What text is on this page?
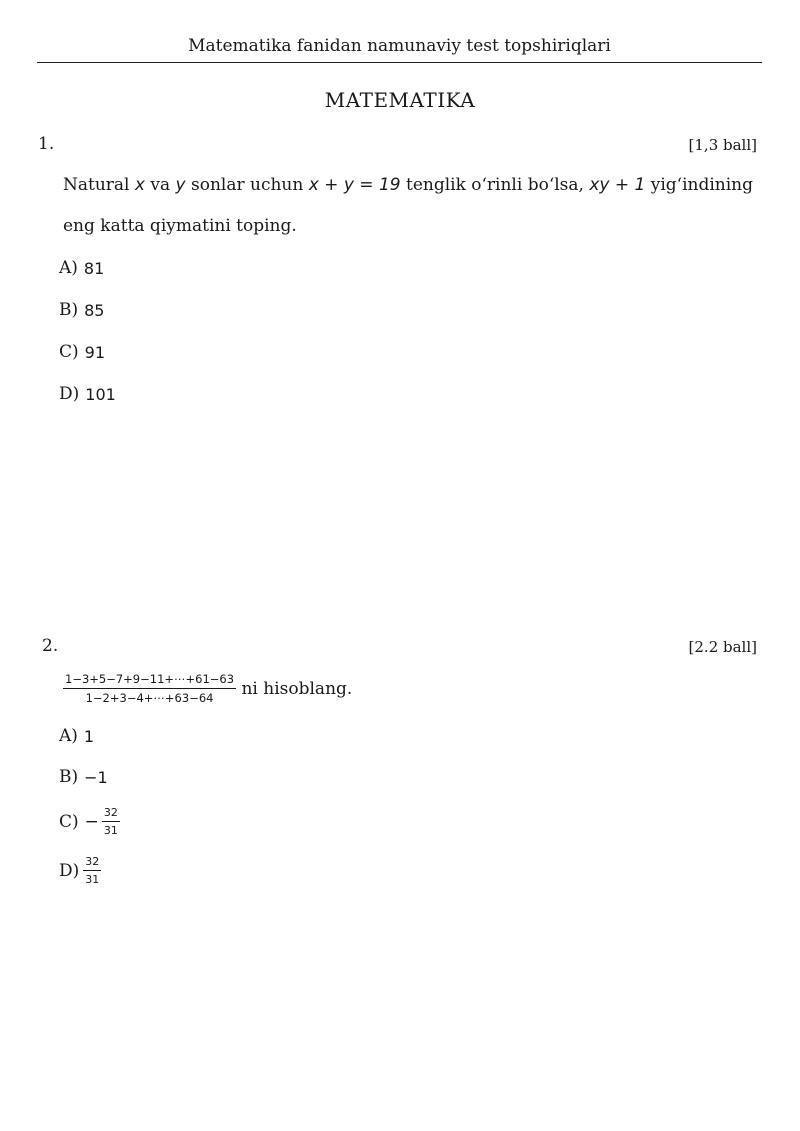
Matematika fanidan namunaviy test topshiriqlari
MATEMATIKA
1.	[1,3 ball]
Natural x va y sonlar uchun x + y = 19 tenglik o‘rinli bo‘lsa, xy + 1 yig‘indining
eng katta qiymatini toping.
A) 81
B) 85
C) 91
D) 101
2.	[2.2 ball]
$\frac{1-3+5-7+9-11+\cdots+61-63}{1-2+3-4+\cdots+63-64}$ ni hisoblang.
A) 1
B) −1
$C) - \frac{32}{31}$
$D) \frac{32}{31}$
